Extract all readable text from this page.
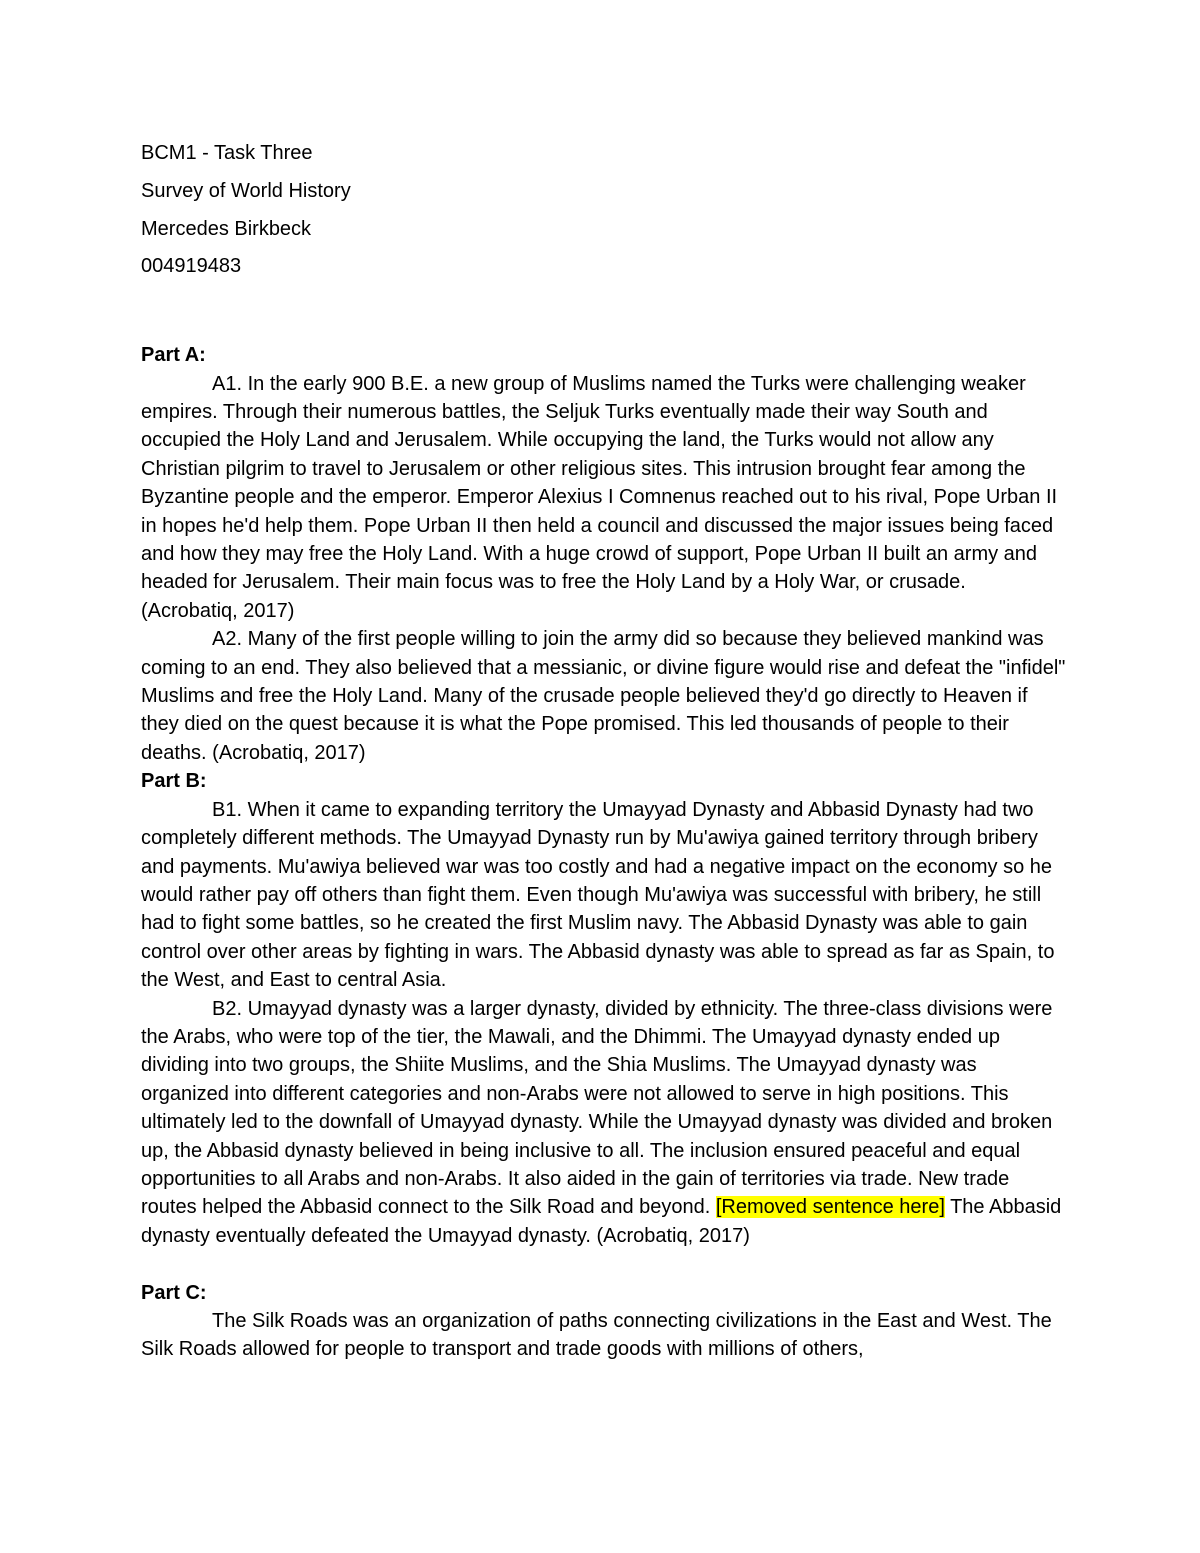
BCM1 - Task Three
Survey of World History
Mercedes Birkbeck
004919483

Part A:

A1. In the early 900 B.E. a new group of Muslims named the Turks were challenging weaker empires. Through their numerous battles, the Seljuk Turks eventually made their way South and occupied the Holy Land and Jerusalem. While occupying the land, the Turks would not allow any Christian pilgrim to travel to Jerusalem or other religious sites. This intrusion brought fear among the Byzantine people and the emperor. Emperor Alexius I Comnenus reached out to his rival, Pope Urban II in hopes he'd help them. Pope Urban II then held a council and discussed the major issues being faced and how they may free the Holy Land. With a huge crowd of support, Pope Urban II built an army and headed for Jerusalem. Their main focus was to free the Holy Land by a Holy War, or crusade. (Acrobatiq, 2017)

A2. Many of the first people willing to join the army did so because they believed mankind was coming to an end. They also believed that a messianic, or divine figure would rise and defeat the "infidel" Muslims and free the Holy Land. Many of the crusade people believed they'd go directly to Heaven if they died on the quest because it is what the Pope promised. This led thousands of people to their deaths. (Acrobatiq, 2017)

Part B:

B1. When it came to expanding territory the Umayyad Dynasty and Abbasid Dynasty had two completely different methods. The Umayyad Dynasty run by Mu'awiya gained territory through bribery and payments. Mu'awiya believed war was too costly and had a negative impact on the economy so he would rather pay off others than fight them. Even though Mu'awiya was successful with bribery, he still had to fight some battles, so he created the first Muslim navy. The Abbasid Dynasty was able to gain control over other areas by fighting in wars. The Abbasid dynasty was able to spread as far as Spain, to the West, and East to central Asia.

B2. Umayyad dynasty was a larger dynasty, divided by ethnicity. The three-class divisions were the Arabs, who were top of the tier, the Mawali, and the Dhimmi. The Umayyad dynasty ended up dividing into two groups, the Shiite Muslims, and the Shia Muslims. The Umayyad dynasty was organized into different categories and non-Arabs were not allowed to serve in high positions. This ultimately led to the downfall of Umayyad dynasty. While the Umayyad dynasty was divided and broken up, the Abbasid dynasty believed in being inclusive to all. The inclusion ensured peaceful and equal opportunities to all Arabs and non-Arabs. It also aided in the gain of territories via trade. New trade routes helped the Abbasid connect to the Silk Road and beyond. [Removed sentence here] The Abbasid dynasty eventually defeated the Umayyad dynasty. (Acrobatiq, 2017)

Part C:

The Silk Roads was an organization of paths connecting civilizations in the East and West. The Silk Roads allowed for people to transport and trade goods with millions of others,
